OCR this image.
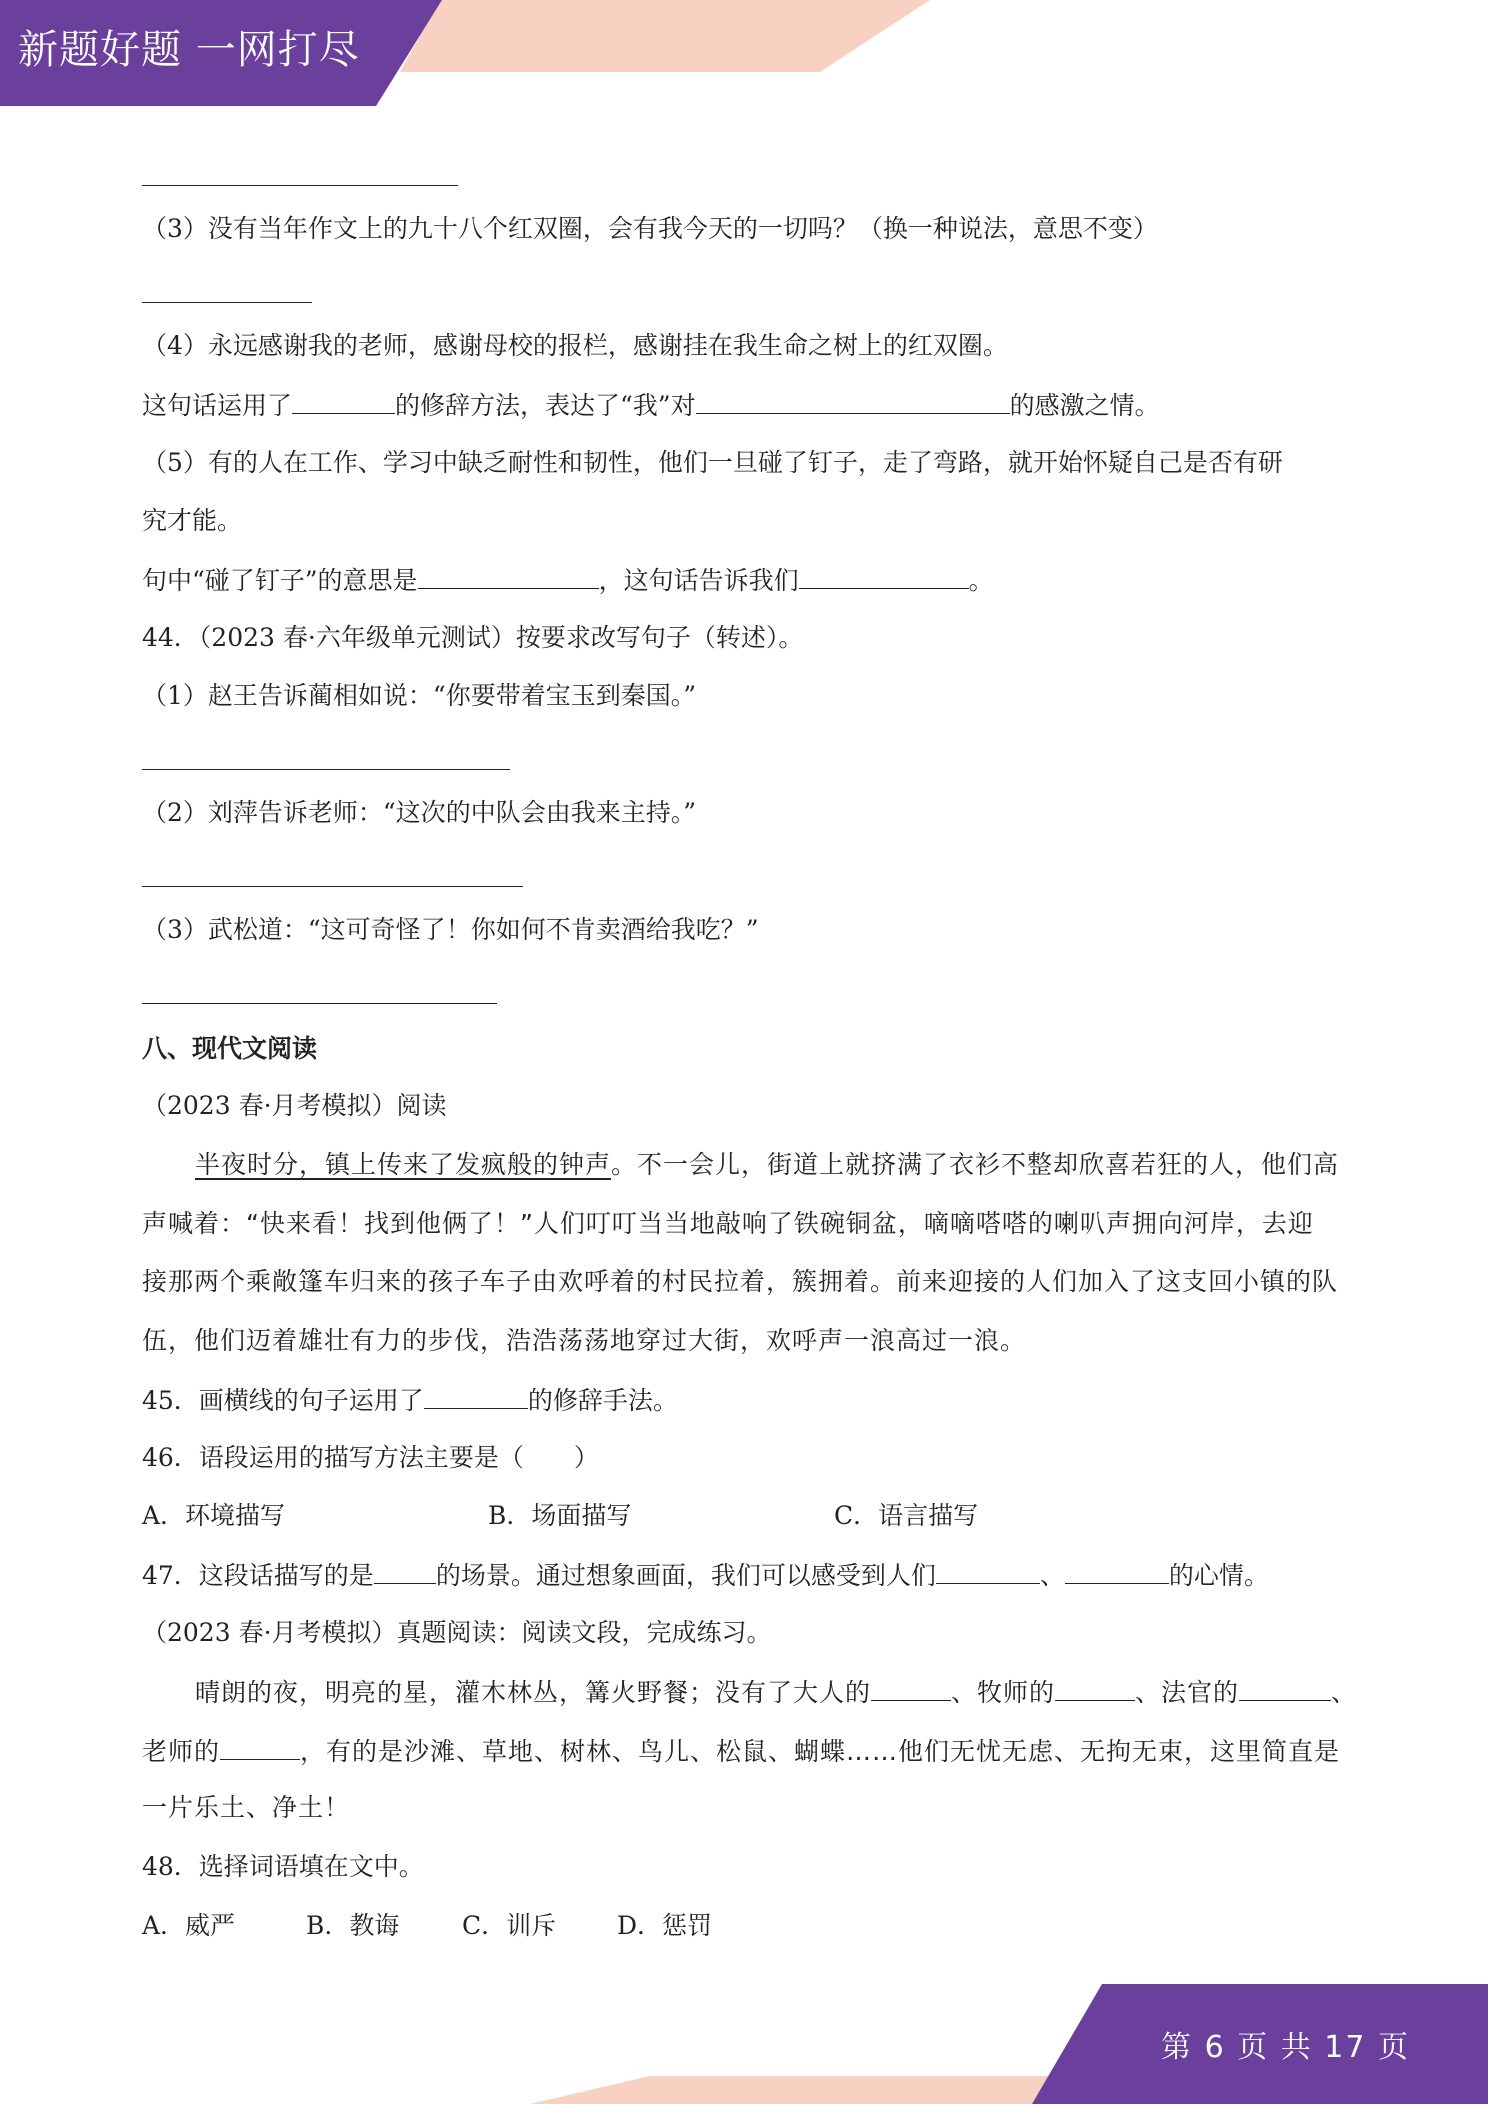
新题好题 一网打尽
（3）没有当年作文上的九十八个红双圈，会有我今天的一切吗？（换一种说法，意思不变）
（4）永远感谢我的老师，感谢母校的报栏，感谢挂在我生命之树上的红双圈。
这句话运用了	的修辞方法，表达了“我”对	的感激之情。
（5）有的人在工作、学习中缺乏耐性和韧性，他们一旦碰了钉子，走了弯路，就开始怀疑自己是否有研
究才能。
句中“碰了钉子”的意思是	，这句话告诉我们	。
44．（2023 春·六年级单元测试）按要求改写句子（转述）。
（1）赵王告诉蔺相如说：“你要带着宝玉到秦国。”
（2）刘萍告诉老师：“这次的中队会由我来主持。”
（3）武松道：“这可奇怪了！你如何不肯卖酒给我吃？”
八、现代文阅读
（2023 春·月考模拟）阅读
半夜时分，镇上传来了发疯般的钟声。不一会儿，街道上就挤满了衣衫不整却欣喜若狂的人，他们高
声喊着：“快来看！找到他俩了！”人们叮叮当当地敲响了铁碗铜盆，嘀嘀嗒嗒的喇叭声拥向河岸，去迎
接那两个乘敞篷车归来的孩子车子由欢呼着的村民拉着，簇拥着。前来迎接的人们加入了这支回小镇的队
伍，他们迈着雄壮有力的步伐，浩浩荡荡地穿过大街，欢呼声一浪高过一浪。
45．画横线的句子运用了	的修辞手法。
46．语段运用的描写方法主要是（　　）
A．环境描写	B．场面描写	C．语言描写
47．这段话描写的是 的场景。通过想象画面，我们可以感受到人们	、	的心情。
（2023 春·月考模拟）真题阅读：阅读文段，完成练习。
晴朗的夜，明亮的星，灌木林丛，篝火野餐；没有了大人的	、牧师的	、法官的	、
老师的	，有的是沙滩、草地、树林、鸟儿、松鼠、蝴蝶……他们无忧无虑、无拘无束，这里简直是
一片乐土、净土！
48．选择词语填在文中。
A．威严	B．教诲	C．训斥 D．惩罚
第 6 页 共 17 页
